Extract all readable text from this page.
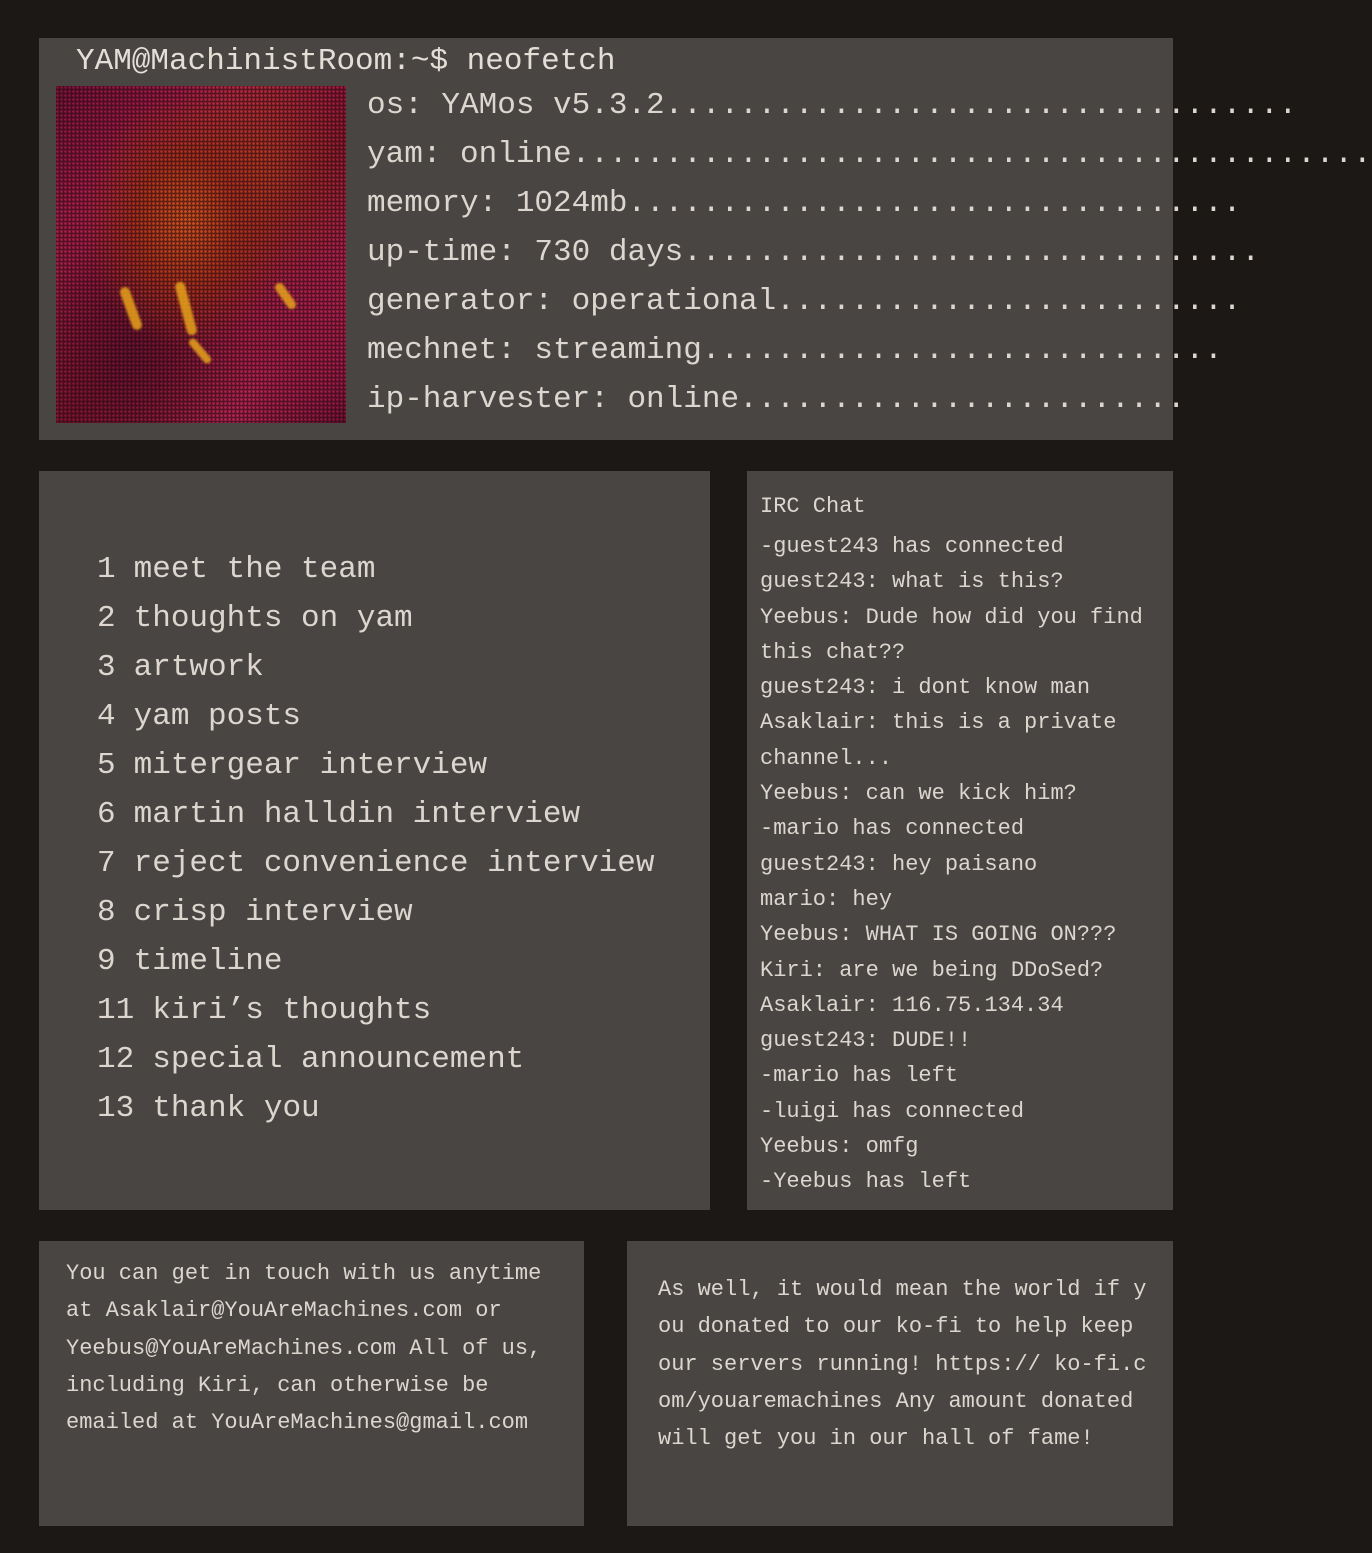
YAM@MachinistRoom:~$ neofetch
os: YAMos v5.3.2..................................
yam: online...........................................
memory: 1024mb.................................
up-time: 730 days...............................
generator: operational.........................
mechnet: streaming............................
ip-harvester: online........................
1 meet the team
2 thoughts on yam
3 artwork
4 yam posts
5 mitergear interview
6 martin halldin interview
7 reject convenience interview
8 crisp interview
9 timeline
11 kiri’s thoughts
12 special announcement
13 thank you
IRC Chat
-guest243 has connected
guest243: what is this?
Yeebus: Dude how did you find this chat??
guest243: i dont know man
Asaklair: this is a private channel...
Yeebus: can we kick him?
-mario has connected
guest243: hey paisano
mario: hey
Yeebus: WHAT IS GOING ON???
Kiri: are we being DDoSed?
Asaklair: 116.75.134.34
guest243: DUDE!!
-mario has left
-luigi has connected
Yeebus: omfg
-Yeebus has left
You can get in touch with us anytime at Asaklair@YouAreMachines.com or Yeebus@YouAreMachines.com All of us, including Kiri, can otherwise be emailed at YouAreMachines@gmail.com
As well, it would mean the world if you donated to our ko-fi to help keep our servers running! https:// ko-fi.com/youaremachines Any amount donated will get you in our hall of fame!
